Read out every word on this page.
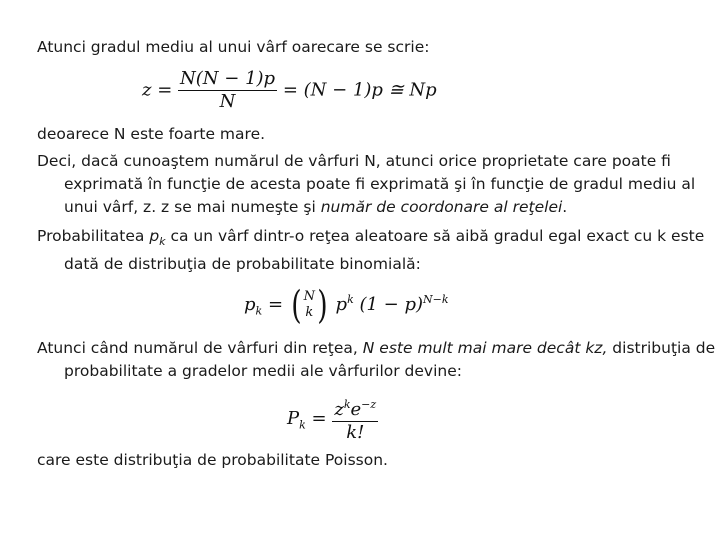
Atunci gradul mediu al unui vârf oarecare se scrie:

$z = \frac{N(N - 1)p}{N} = (N - 1)p$ ≅ Np

deoarece N este foarte mare.

Deci, dacă cunoaştem numărul de vârfuri N, atunci orice proprietate care poate fi exprimată în funcţie de acesta poate fi exprimată şi în funcţie de gradul mediu al unui vârf, z. z se mai numeşte şi număr de coordonare al reţelei.

Probabilitatea $p_k$ ca un vârf dintr-o reţea aleatoare să aibă gradul egal exact cu k este dată de distribuţia de probabilitate binomială:

$p_k$ = ( N
k ) $p^k$ $(1 - p)^{N-k}$

Atunci când numărul de vârfuri din reţea, N este mult mai mare decât kz, distribuţia de probabilitate a gradelor medii ale vârfurilor devine:

$P_k = \frac{z^ke^{-z}}{k!}$

care este distribuţia de probabilitate Poisson.
